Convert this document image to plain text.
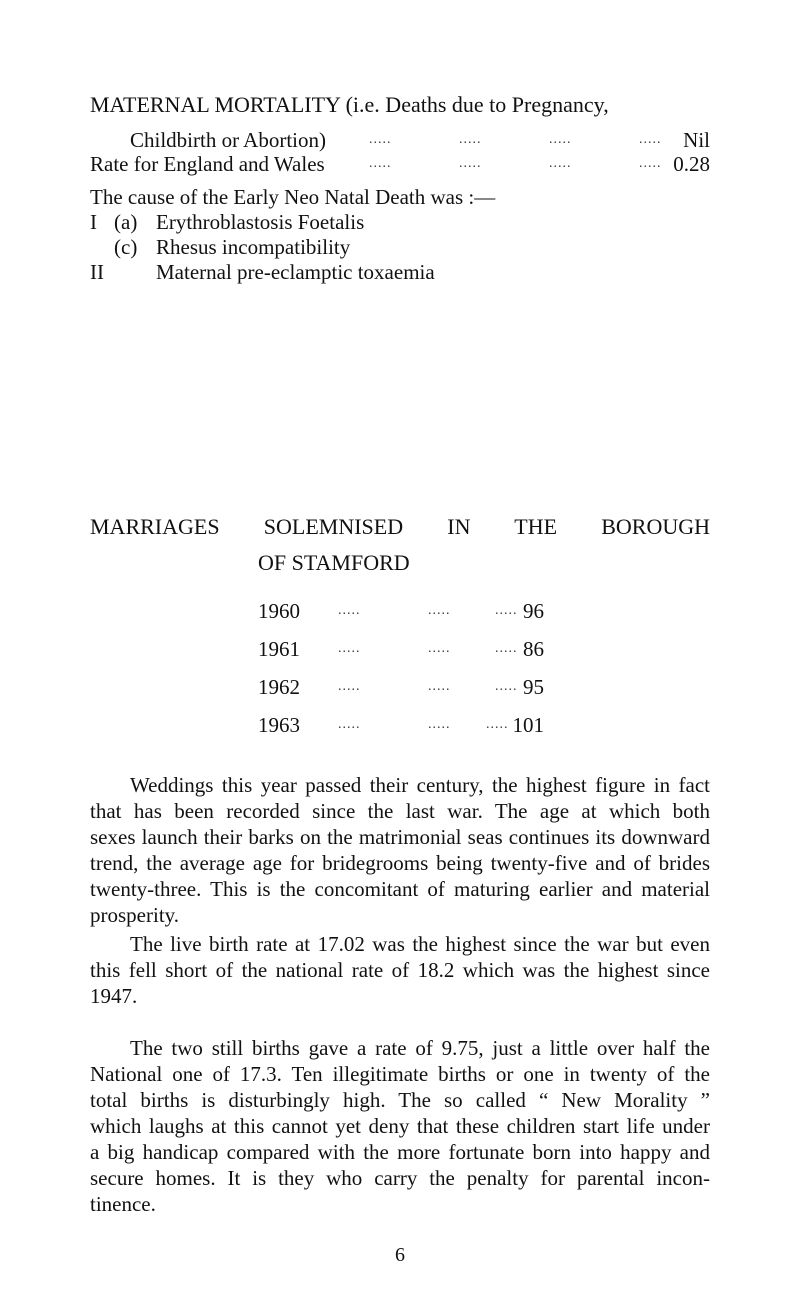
MATERNAL MORTALITY (i.e. Deaths due to Pregnancy,
Childbirth or Abortion)	.....	.....	.....	..... Nil
Rate for England and Wales	.....	.....	.....	..... 0.28
The cause of the Early Neo Natal Death was :—
I (a) Erythroblastosis Foetalis
(c) Rhesus incompatibility
II Maternal pre-eclamptic toxaemia
MARRIAGES SOLEMNISED IN THE BOROUGH
OF STAMFORD
1960	.....	.....	..... 96
1961	.....	.....	..... 86
1962	.....	.....	..... 95
1963	.....	.....	..... 101
Weddings this year passed their century, the highest figure in fact
that has been recorded since the last war. The age at which both
sexes launch their barks on the matrimonial seas continues its downward
trend, the average age for bridegrooms being twenty-five and of brides
twenty-three. This is the concomitant of maturing earlier and material
prosperity.
The live birth rate at 17.02 was the highest since the war but even
this fell short of the national rate of 18.2 which was the highest since
1947.
The two still births gave a rate of 9.75, just a little over half the
National one of 17.3. Ten illegitimate births or one in twenty of the
total births is disturbingly high. The so called “ New Morality ”
which laughs at this cannot yet deny that these children start life under
a big handicap compared with the more fortunate born into happy and
secure homes. It is they who carry the penalty for parental incon-
tinence.
6
